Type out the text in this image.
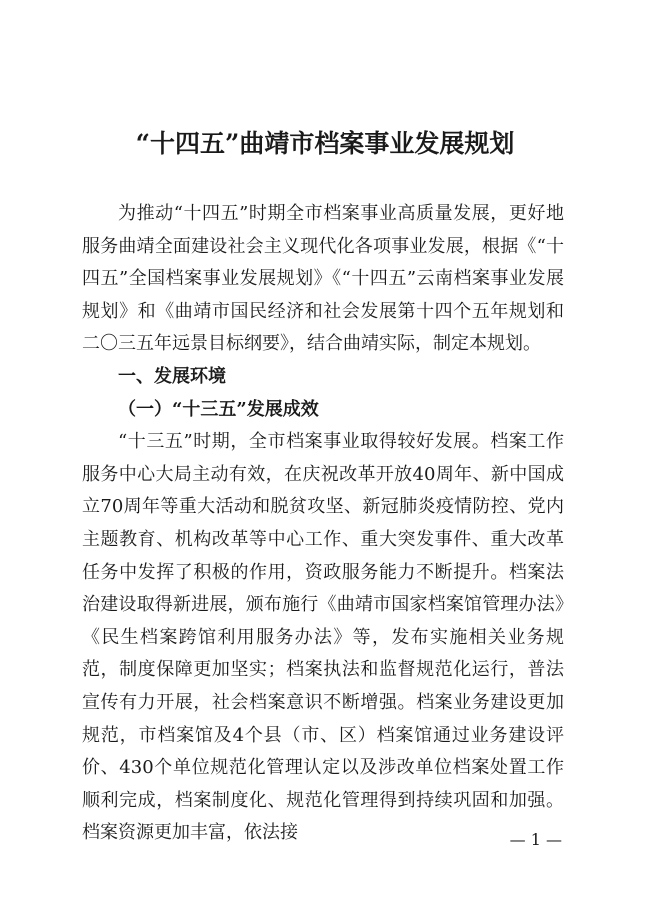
“十四五”曲靖市档案事业发展规划

为推动“十四五”时期全市档案事业高质量发展，更好地服务曲靖全面建设社会主义现代化各项事业发展，根据《“十四五”全国档案事业发展规划》《“十四五”云南档案事业发展规划》和《曲靖市国民经济和社会发展第十四个五年规划和二〇三五年远景目标纲要》，结合曲靖实际，制定本规划。

一、发展环境

（一）“十三五”发展成效

“十三五”时期，全市档案事业取得较好发展。档案工作服务中心大局主动有效，在庆祝改革开放40周年、新中国成立70周年等重大活动和脱贫攻坚、新冠肺炎疫情防控、党内主题教育、机构改革等中心工作、重大突发事件、重大改革任务中发挥了积极的作用，资政服务能力不断提升。档案法治建设取得新进展，颁布施行《曲靖市国家档案馆管理办法》《民生档案跨馆利用服务办法》等，发布实施相关业务规范，制度保障更加坚实；档案执法和监督规范化运行，普法宣传有力开展，社会档案意识不断增强。档案业务建设更加规范，市档案馆及4个县（市、区）档案馆通过业务建设评价、430个单位规范化管理认定以及涉改单位档案处置工作顺利完成，档案制度化、规范化管理得到持续巩固和加强。档案资源更加丰富，依法接	— 1 —
